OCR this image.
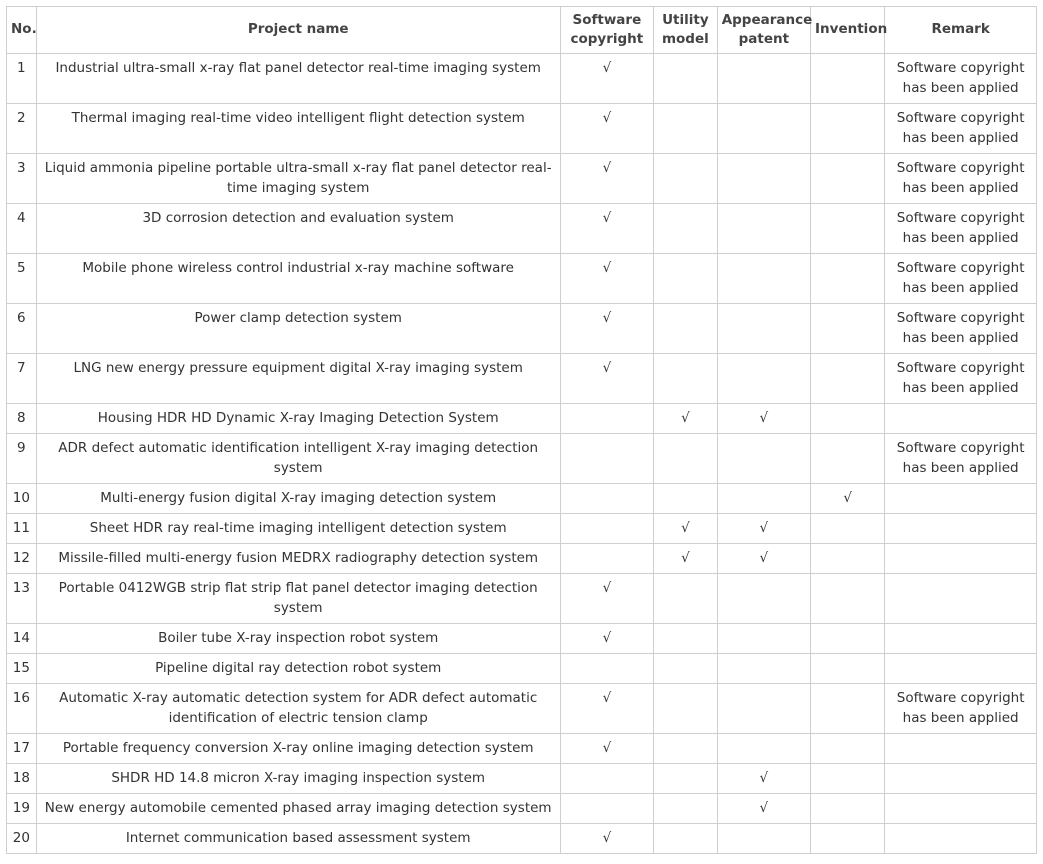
No.	Project name	Software copyright	Utility model	Appearance patent	Invention	Remark
1	Industrial ultra-small x-ray flat panel detector real-time imaging system	√				Software copyright has been applied
2	Thermal imaging real-time video intelligent flight detection system	√				Software copyright has been applied
3	Liquid ammonia pipeline portable ultra-small x-ray flat panel detector real-time imaging system	√				Software copyright has been applied
4	3D corrosion detection and evaluation system	√				Software copyright has been applied
5	Mobile phone wireless control industrial x-ray machine software	√				Software copyright has been applied
6	Power clamp detection system	√				Software copyright has been applied
7	LNG new energy pressure equipment digital X-ray imaging system	√				Software copyright has been applied
8	Housing HDR HD Dynamic X-ray Imaging Detection System		√	√		
9	ADR defect automatic identification intelligent X-ray imaging detection system					Software copyright has been applied
10	Multi-energy fusion digital X-ray imaging detection system				√	
11	Sheet HDR ray real-time imaging intelligent detection system		√	√		
12	Missile-filled multi-energy fusion MEDRX radiography detection system		√	√		
13	Portable 0412WGB strip flat strip flat panel detector imaging detection system	√				
14	Boiler tube X-ray inspection robot system	√				
15	Pipeline digital ray detection robot system					
16	Automatic X-ray automatic detection system for ADR defect automatic identification of electric tension clamp	√				Software copyright has been applied
17	Portable frequency conversion X-ray online imaging detection system	√				
18	SHDR HD 14.8 micron X-ray imaging inspection system			√		
19	New energy automobile cemented phased array imaging detection system			√		
20	Internet communication based assessment system	√				
